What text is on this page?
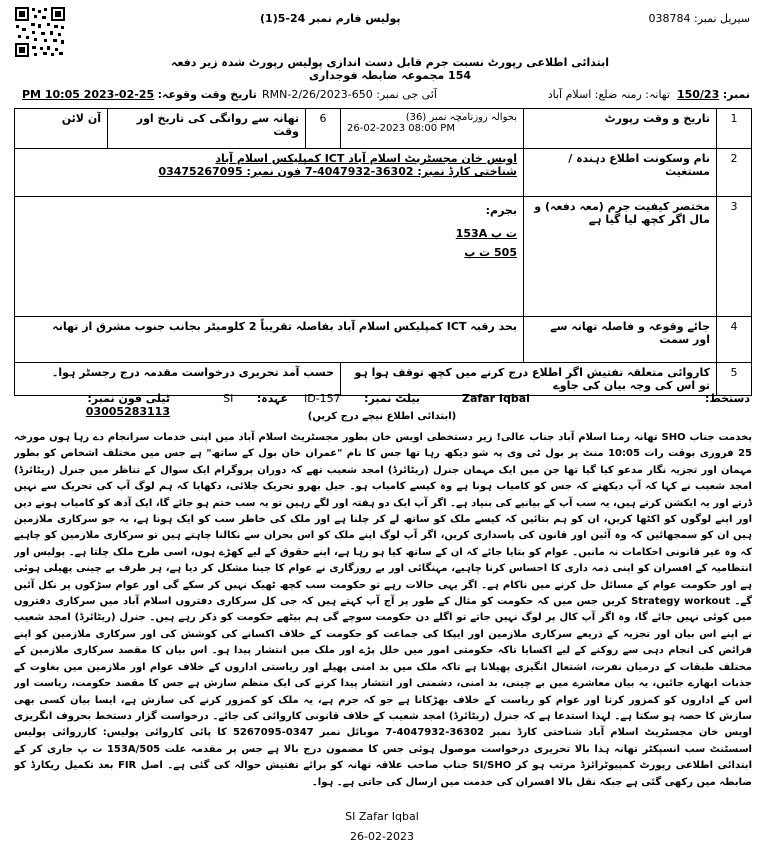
سیریل نمبر: 038784
پولیس فارم نمبر 24-5(1)
ابتدائی اطلاعی رپورٹ نسبت جرم قابل دست اندازی پولیس رپورٹ شدہ زیر دفعہ 154 مجموعہ ضابطہ فوجداری
نمبر: 150/23  تھانہ: رمنہ ضلع: اسلام آباد
آئی جی نمبر: RMN-2/26/2023-650
تاریخ وقت وقوعہ: 25-02-2023 10:05 PM
1	تاریخ و وقت رپورٹ	بحوالہ روزنامچہ نمبر (36)
26-02-2023 08:00 PM	6	تھانہ سے روانگی کی تاریخ اور وقت	آن لائن
2	نام وسکونت اطلاع دہندہ / مستغیث	اویس خان مجسٹریٹ اسلام آباد ICT کمپلیکس اسلام آباد
شناختی کارڈ نمبر: 36302-4047932-7 فون نمبر: 03475267095			

3	مختصر کیفیت جرم (معہ دفعہ) و مال اگر کچھ لیا گیا ہے	بجرم:
ت پ 153A
505 ت پ			

4	جائے وقوعہ و فاصلہ تھانہ سے اور سمت	بحد رقبہ ICT کمپلیکس اسلام آباد بفاصلہ تقریباً 2 کلومیٹر بجانب جنوب مشرق از تھانہ			
5	کاروائی متعلقہ تفتیش اگر اطلاع درج کرنے میں کچھ توقف ہوا ہو تو اس کی وجہ بیان کی جاوے		حسب آمد تحریری درخواست مقدمہ درج رجسٹر ہوا۔		
دستخط:
Zafar Iqbal
بیلٹ نمبر: 157-ID
عہدہ: SI
ٹیلی فون نمبر: 03005283113	(ابتدائی اطلاع نیچے درج کریں)
بخدمت جناب SHO تھانہ رمنا اسلام آباد جناب عالی! زیر دستخطی اویس خان بطور مجسٹریٹ اسلام آباد میں اپنی خدمات سرانجام دے رہا ہوں مورخہ 25 فروری بوقت رات 10:05 منٹ پر بول ٹی وی پہ شو دیکھ رہا تھا جس کا نام "عمران خان بول کے ساتھ" ہے جس میں مختلف اشخاص کو بطور مہمان اور تجزیہ نگار مدعو کیا گیا تھا جن میں ایک مہمان جنرل (ریٹائرڈ) امجد شعیب تھے کہ دوران پروگرام ایک سوال کے تناظر میں جنرل (ریٹائرڈ) امجد شعیب نے کہا کہ آپ دیکھتے کہ جس کو کامیاب ہونا ہے وہ کیسے کامیاب ہو۔ جیل بھرو تحریک چلائی، دکھایا کہ ہم لوگ آپ کی تحریک سے نہیں ڈرتے اور یہ ایکشن کرتے ہیں، یہ سب آپ کے بیانیے کی بنیاد ہے۔ اگر آپ ایک دو ہفتہ اور لگے رہیں تو یہ سب ختم ہو جائے گا، ایک آدھ کو کامیاب ہونے دیں اور اپنے لوگوں کو اکٹھا کریں، ان کو ہم بتائیں کہ کیسے ملک کو ساتھ لے کر چلنا ہے اور ملک کی خاطر سب کو ایک ہونا ہے، یہ جو سرکاری ملازمین ہیں ان کو سمجھائیں کہ وہ آئین اور قانون کی پاسداری کریں، اگر آپ لوگ اپنے ملک کو اس بحران سے نکالنا چاہتے ہیں تو سرکاری ملازمین کو چاہیے کہ وہ غیر قانونی احکامات نہ مانیں۔ عوام کو بتایا جائے کہ ان کے ساتھ کیا ہو رہا ہے، اپنے حقوق کے لیے کھڑے ہوں، اسی طرح ملک چلتا ہے۔ پولیس اور انتظامیہ کے افسران کو اپنی ذمہ داری کا احساس کرنا چاہیے، مہنگائی اور بے روزگاری نے عوام کا جینا مشکل کر دیا ہے، ہر طرف بے چینی پھیلی ہوئی ہے اور حکومت عوام کے مسائل حل کرنے میں ناکام ہے۔ اگر یہی حالات رہے تو حکومت سب کچھ ٹھیک نہیں کر سکے گی اور عوام سڑکوں پر نکل آئیں گے۔ Strategy workout کریں جس میں کہ حکومت کو مثال کے طور پر آج آپ کہتے ہیں کہ جی کل سرکاری دفتروں اسلام آباد میں سرکاری دفتروں میں کوئی نہیں جائے گا، وہ اگر آپ کال پر لوگ نہیں جاتے تو اگلے دن حکومت سوچے گی ہم بیٹھے حکومت کو ذکر رہے ہیں۔ جنرل (ریٹائرڈ) امجد شعیب نے اپنے اس بیان اور تجزیہ کے ذریعے سرکاری ملازمین اور ایپکا کی جماعت کو حکومت کے خلاف اکسانے کی کوشش کی اور سرکاری ملازمین کو اپنے فرائض کی انجام دہی سے روکنے کے لیے اکسایا تاکہ حکومتی امور میں خلل پڑے اور ملک میں انتشار پیدا ہو۔ اس بیان کا مقصد سرکاری ملازمین کے مختلف طبقات کے درمیان نفرت، اشتعال انگیزی پھیلانا ہے تاکہ ملک میں بد امنی پھیلے اور ریاستی اداروں کے خلاف عوام اور ملازمین میں بغاوت کے جذبات ابھارے جائیں، یہ بیان معاشرے میں بے چینی، بد امنی، دشمنی اور انتشار پیدا کرنے کی ایک منظم سازش ہے جس کا مقصد حکومت، ریاست اور اس کے اداروں کو کمزور کرنا اور عوام کو ریاست کے خلاف بھڑکانا ہے جو کہ جرم ہے، یہ ملک کو کمزور کرنے کی سازش ہے، ایسا بیان کسی بھی سازش کا حصہ ہو سکتا ہے۔ لہذا استدعا ہے کہ جنرل (ریٹائرڈ) امجد شعیب کے خلاف قانونی کاروائی کی جائے۔ درخواست گزار دستخط بحروف انگریزی اویس خان مجسٹریٹ اسلام آباد شناختی کارڈ نمبر 36302-4047932-7 موبائل نمبر 0347-5267095 کا پائی کاروائی پولیس: کارروائی پولیس اسسٹنٹ سب انسپکٹر تھانہ ہذا بالا تحریری درخواست موصول ہوئی جس کا مضمون درج بالا ہے جس پر مقدمہ علت 153A/505 ت پ جاری کر کے ابتدائی اطلاعی رپورٹ کمپیوٹرائزڈ مرتب ہو کر SI/SHO جناب صاحب علاقہ تھانہ کو برائے تفتیش حوالہ کی گئی ہے۔ اصل FIR بعد تکمیل ریکارڈ کو ضابطہ میں رکھی گئی ہے جبکہ نقل بالا افسران کی خدمت میں ارسال کی جاتی ہے۔ ہوا۔
SI Zafar Iqbal
26-02-2023
